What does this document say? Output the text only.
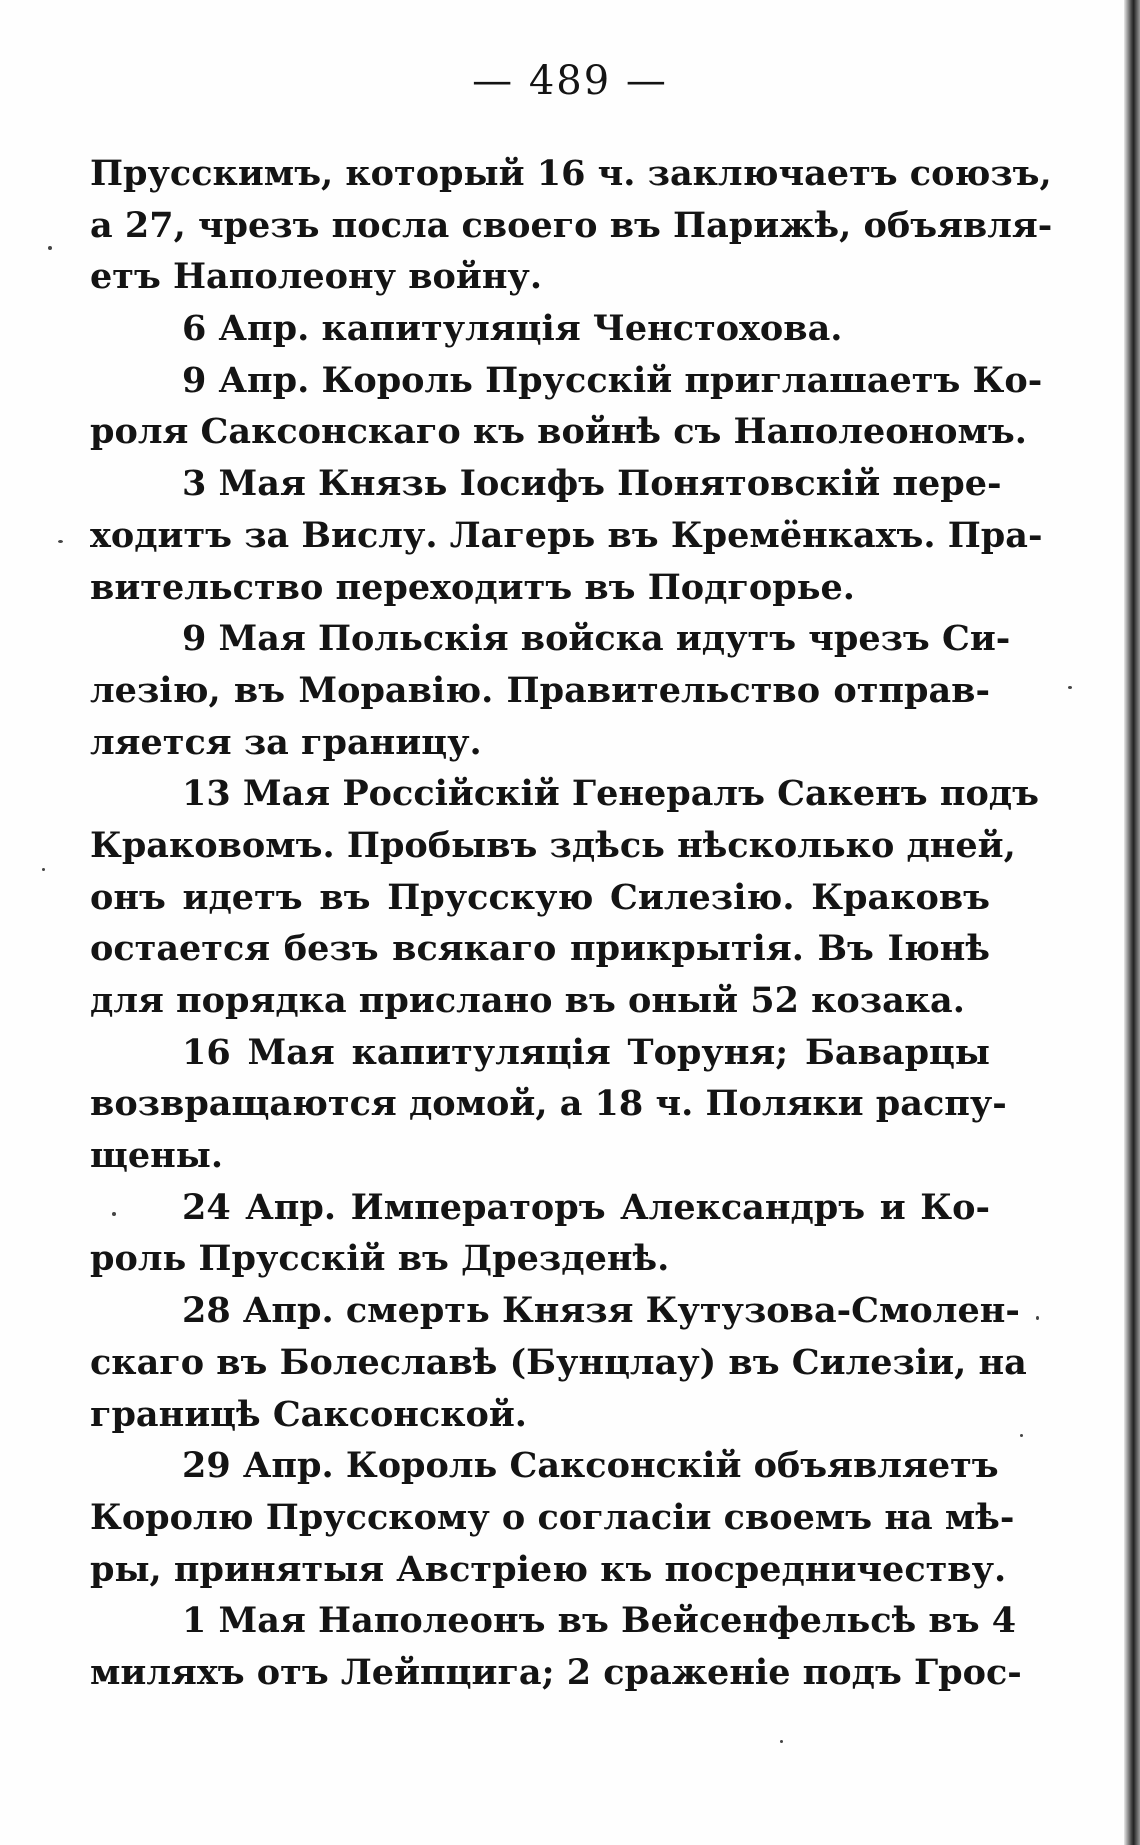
— 489 —
Прусскимъ, который 16 ч. заключаетъ союзъ,
а 27, чрезъ посла своего въ Парижѣ, объявля-
етъ Наполеону войну.
6 Апр. капитуляція Ченстохова.
9 Апр. Король Прусскій приглашаетъ Ко-
роля Саксонскаго къ войнѣ съ Наполеономъ.
3 Мая Князь Іосифъ Понятовскій пере-
ходитъ за Вислу. Лагерь въ Кремёнкахъ. Пра-
вительство переходитъ въ Подгорье.
9 Мая Польскія войска идутъ чрезъ Си-
лезію, въ Моравію. Правительство отправ-
ляется за границу.
13 Мая Россійскій Генералъ Сакенъ подъ
Краковомъ. Пробывъ здѣсь нѣсколько дней,
онъ идетъ въ Прусскую Силезію. Краковъ
остается безъ всякаго прикрытія. Въ Іюнѣ
для порядка прислано въ оный 52 козака.
16 Мая капитуляція Торуня; Баварцы
возвращаются домой, а 18 ч. Поляки распу-
щены.
24 Апр. Императоръ Александръ и Ко-
роль Прусскій въ Дрезденѣ.
28 Апр. смерть Князя Кутузова-Смолен-
скаго въ Болеславѣ (Бунцлау) въ Силезіи, на
границѣ Саксонской.
29 Апр. Король Саксонскій объявляетъ
Королю Прусскому о согласіи своемъ на мѣ-
ры, принятыя Австріею къ посредничеству.
1 Мая Наполеонъ въ Вейсенфельсѣ въ 4
миляхъ отъ Лейпцига; 2 сраженіе подъ Грос-
